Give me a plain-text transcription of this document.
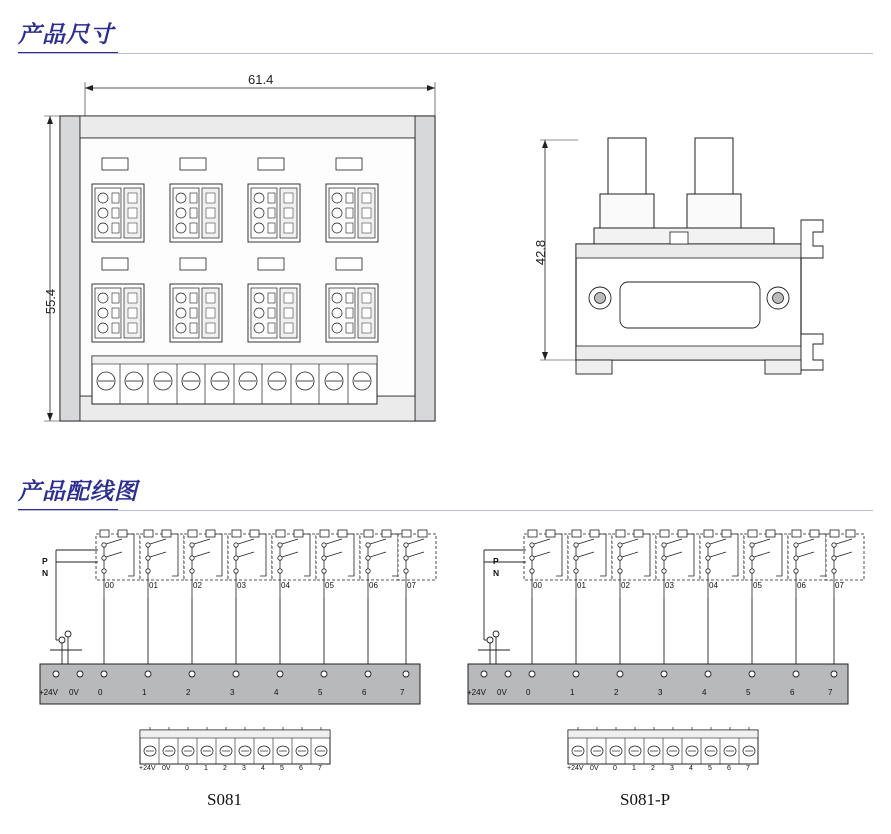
产品尺寸
61.4
55.4
42.8
产品配线图
P
N
00	01	02	03	04	05	06	07
+24V 0V 0	1	2	3	4	5	6	7
+24V 0V 0 1 2 3 4 5 6 7
S081
P
N
00	01	02	03	04	05	06	07
+24V 0V 0	1	2	3	4	5	6	7
+24V 0V 0 1 2 3 4 5 6 7
S081-P
